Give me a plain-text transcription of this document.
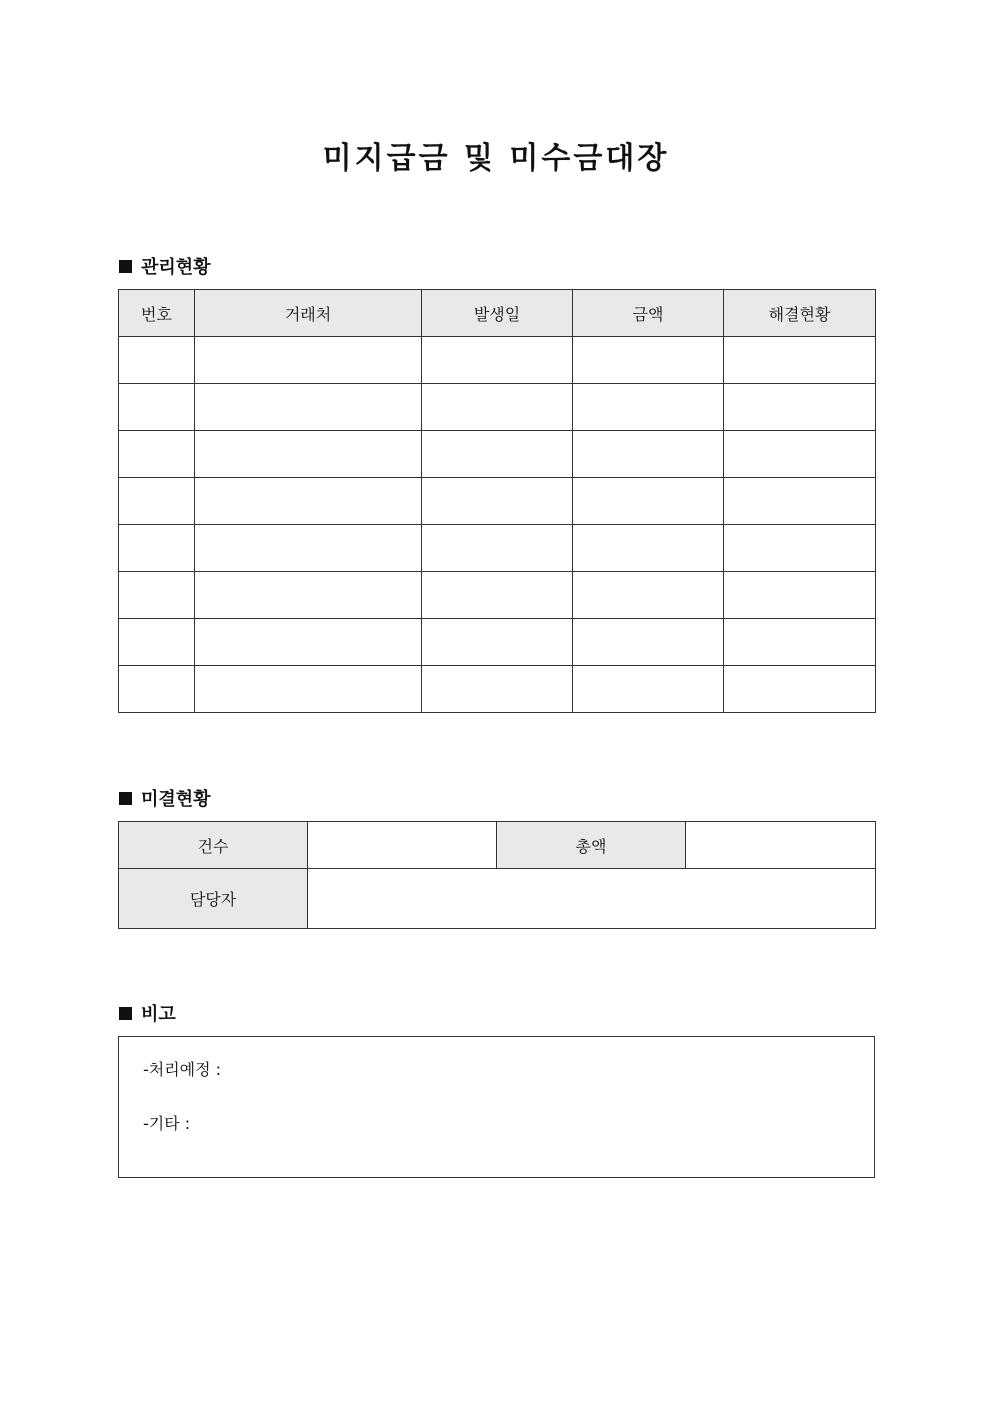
미지급금 및 미수금대장
관리현황
번호	거래처	발생일	금액	해결현황

미결현황
건수		총액	
담당자			
비고
-처리예정 :
-기타 :
